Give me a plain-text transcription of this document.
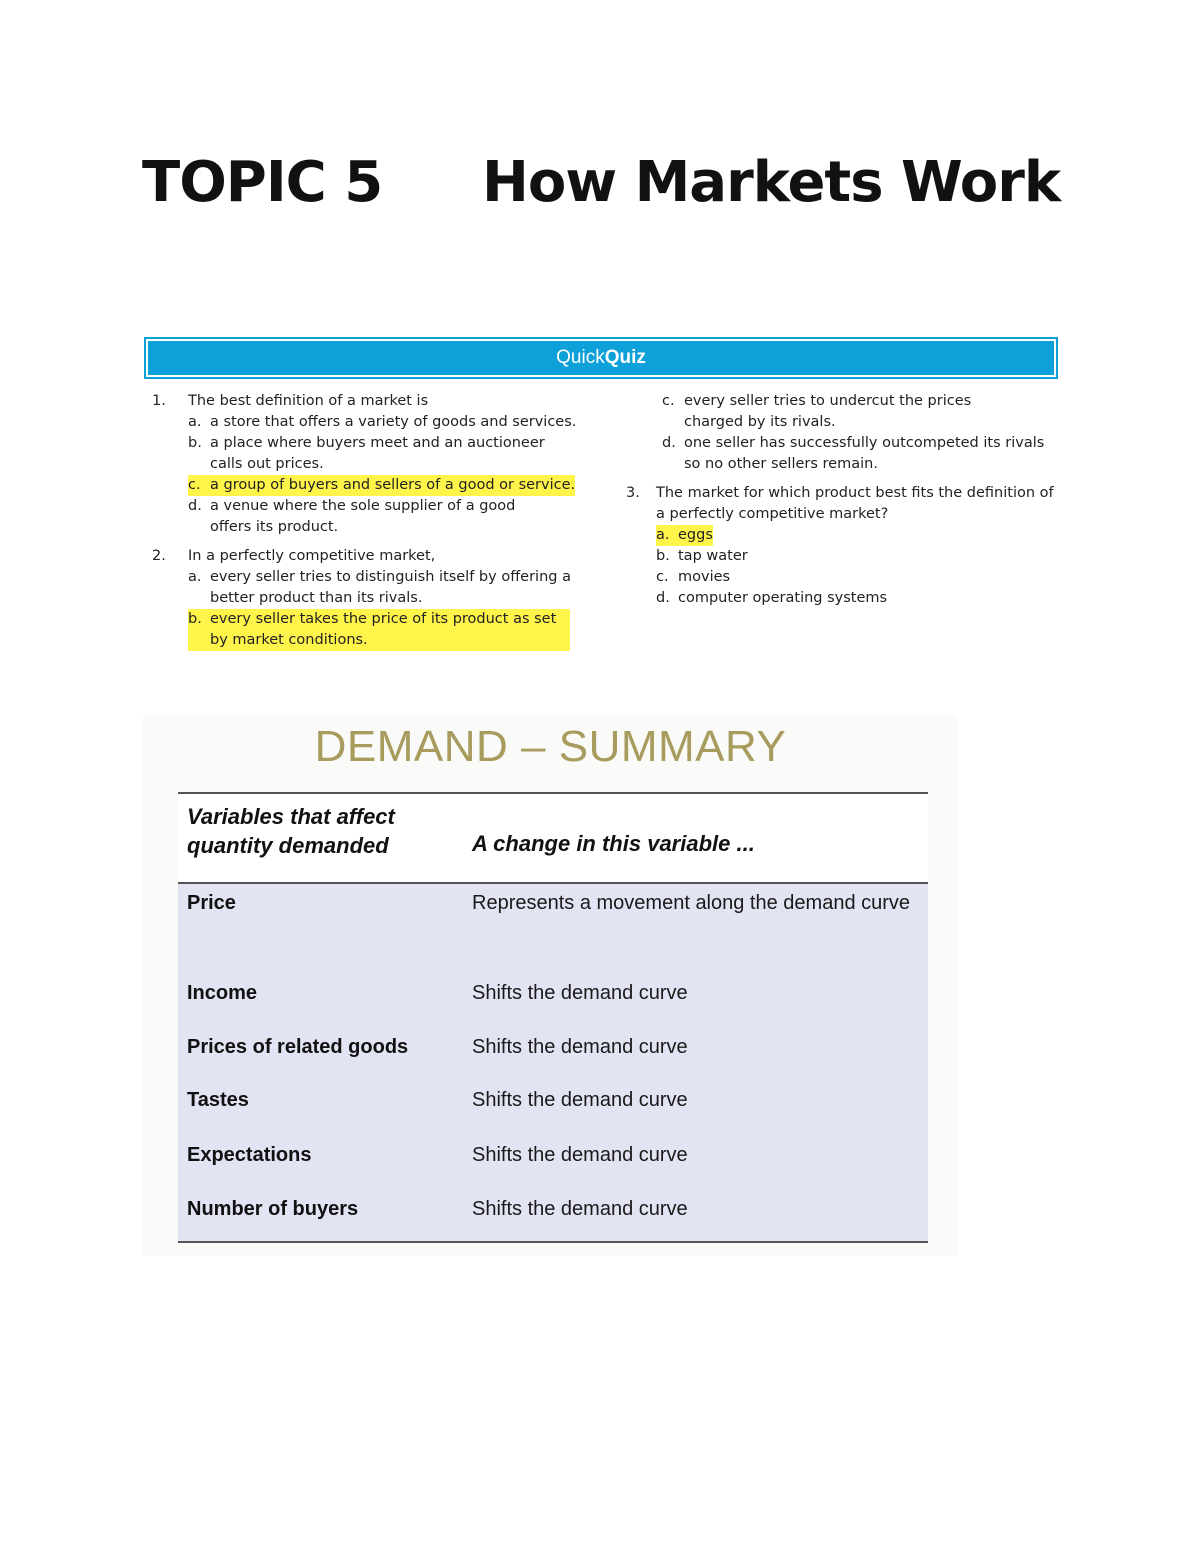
TOPIC 5 How Markets Work
Quick Quiz
1.	The best definition of a market is
a. a store that offers a variety of goods and services.
b. a place where buyers meet and an auctioneer calls out prices.
c. a group of buyers and sellers of a good or service.
d. a venue where the sole supplier of a good offers its product.
2.	In a perfectly competitive market,
a. every seller tries to distinguish itself by offering a better product than its rivals.
b. every seller takes the price of its product as set by market conditions.
c. every seller tries to undercut the prices charged by its rivals.
d. one seller has successfully outcompeted its rivals so no other sellers remain.
3.	The market for which product best fits the definition of a perfectly competitive market?
a. eggs
b. tap water
c. movies
d. computer operating systems
DEMAND – SUMMARY
Variables that affect quantity demanded	A change in this variable ...
Price	Represents a movement along the demand curve
Income	Shifts the demand curve
Prices of related goods	Shifts the demand curve
Tastes	Shifts the demand curve
Expectations	Shifts the demand curve
Number of buyers	Shifts the demand curve
